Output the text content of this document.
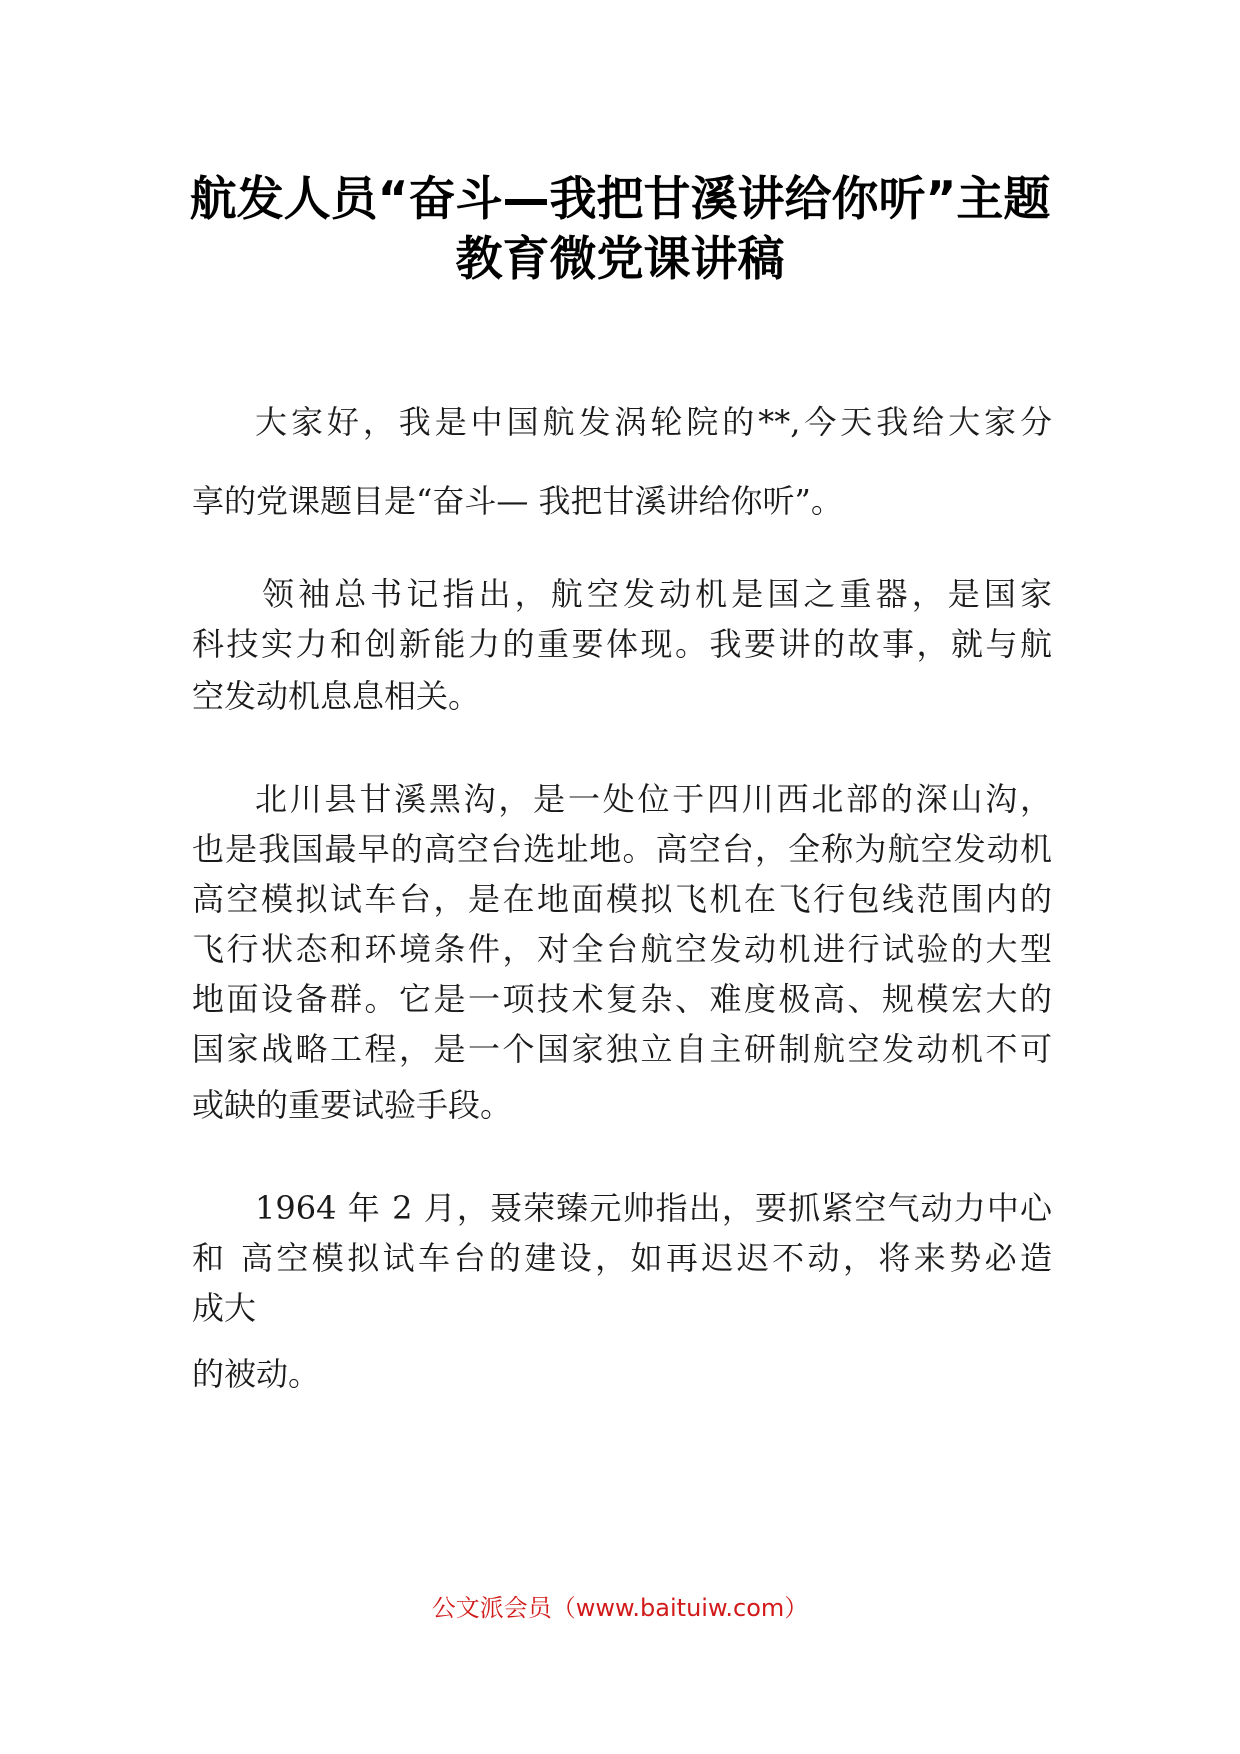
航发人员“奋斗—我把甘溪讲给你听”主题
教育微党课讲稿
大家好，我是中国航发涡轮院的**,今天我给大家分
享的党课题目是“奋斗— 我把甘溪讲给你听”。
领袖总书记指出，航空发动机是国之重器，是国家
科技实力和创新能力的重要体现。我要讲的故事，就与航
空发动机息息相关。
北川县甘溪黑沟，是一处位于四川西北部的深山沟，
也是我国最早的高空台选址地。高空台，全称为航空发动机
高空模拟试车台，是在地面模拟飞机在飞行包线范围内的
飞行状态和环境条件，对全台航空发动机进行试验的大型
地面设备群。它是一项技术复杂、难度极高、规模宏大的
国家战略工程，是一个国家独立自主研制航空发动机不可
或缺的重要试验手段。
1964 年 2 月，聂荣臻元帅指出，要抓紧空气动力中心
和 高空模拟试车台的建设，如再迟迟不动，将来势必造
成大
的被动。
公文派会员（www.baituiw.com）
